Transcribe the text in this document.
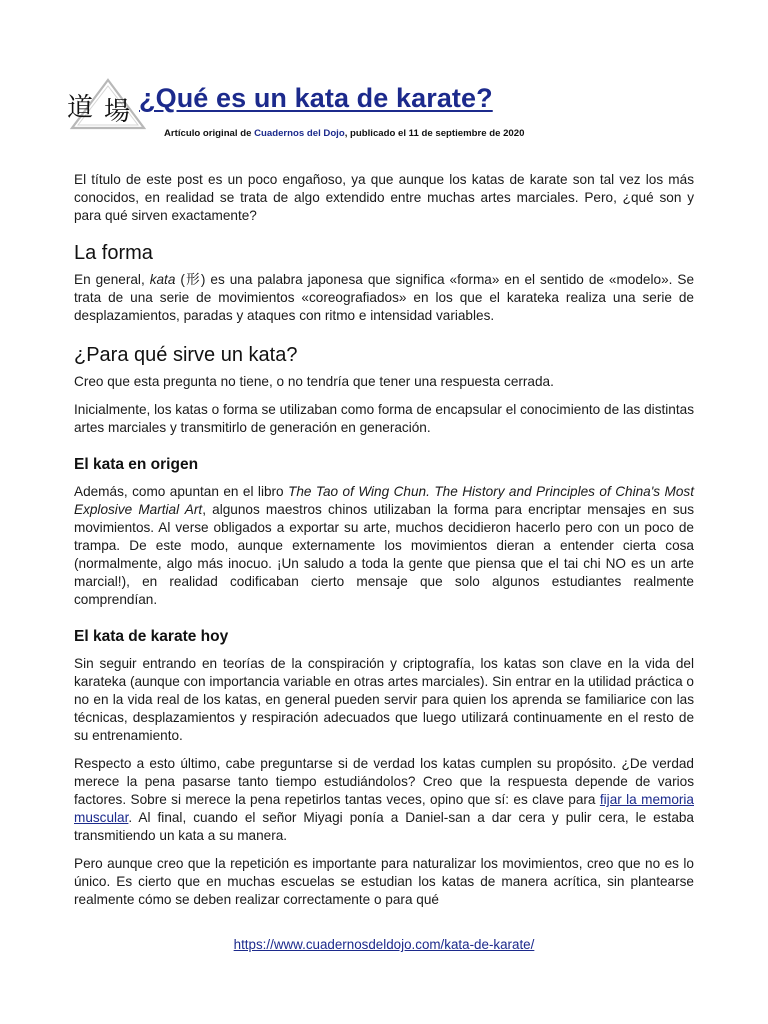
道 場 ¿Qué es un kata de karate?
Artículo original de Cuadernos del Dojo, publicado el 11 de septiembre de 2020

El título de este post es un poco engañoso, ya que aunque los katas de karate son tal vez los más conocidos, en realidad se trata de algo extendido entre muchas artes marciales. Pero, ¿qué son y para qué sirven exactamente?

La forma

En general, kata (形) es una palabra japonesa que significa «forma» en el sentido de «modelo». Se trata de una serie de movimientos «coreografiados» en los que el karateka realiza una serie de desplazamientos, paradas y ataques con ritmo e intensidad variables.

¿Para qué sirve un kata?

Creo que esta pregunta no tiene, o no tendría que tener una respuesta cerrada.

Inicialmente, los katas o forma se utilizaban como forma de encapsular el conocimiento de las distintas artes marciales y transmitirlo de generación en generación.

El kata en origen

Además, como apuntan en el libro The Tao of Wing Chun. The History and Principles of China's Most Explosive Martial Art, algunos maestros chinos utilizaban la forma para encriptar mensajes en sus movimientos. Al verse obligados a exportar su arte, muchos decidieron hacerlo pero con un poco de trampa. De este modo, aunque externamente los movimientos dieran a entender cierta cosa (normalmente, algo más inocuo. ¡Un saludo a toda la gente que piensa que el tai chi NO es un arte marcial!), en realidad codificaban cierto mensaje que solo algunos estudiantes realmente comprendían.

El kata de karate hoy

Sin seguir entrando en teorías de la conspiración y criptografía, los katas son clave en la vida del karateka (aunque con importancia variable en otras artes marciales). Sin entrar en la utilidad práctica o no en la vida real de los katas, en general pueden servir para quien los aprenda se familiarice con las técnicas, desplazamientos y respiración adecuados que luego utilizará continuamente en el resto de su entrenamiento.

Respecto a esto último, cabe preguntarse si de verdad los katas cumplen su propósito. ¿De verdad merece la pena pasarse tanto tiempo estudiándolos? Creo que la respuesta depende de varios factores. Sobre si merece la pena repetirlos tantas veces, opino que sí: es clave para fijar la memoria muscular. Al final, cuando el señor Miyagi ponía a Daniel-san a dar cera y pulir cera, le estaba transmitiendo un kata a su manera.

Pero aunque creo que la repetición es importante para naturalizar los movimientos, creo que no es lo único. Es cierto que en muchas escuelas se estudian los katas de manera acrítica, sin plantearse realmente cómo se deben realizar correctamente o para qué

https://www.cuadernosdeldojo.com/kata-de-karate/
